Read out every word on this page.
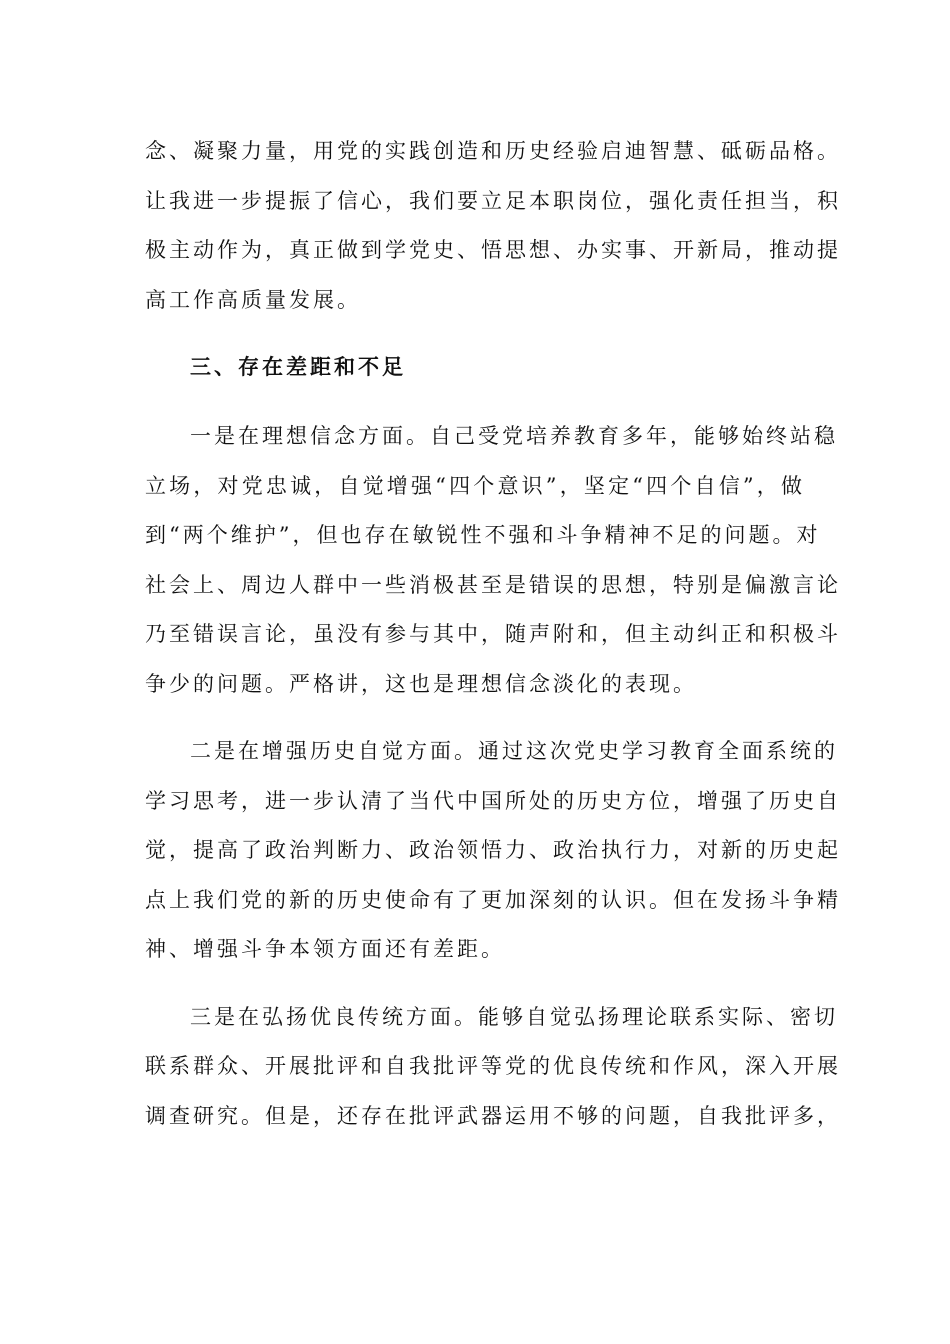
念、凝聚力量，用党的实践创造和历史经验启迪智慧、砥砺品格。
让我进一步提振了信心，我们要立足本职岗位，强化责任担当，积
极主动作为，真正做到学党史、悟思想、办实事、开新局，推动提
高工作高质量发展。
三、存在差距和不足
一是在理想信念方面。自己受党培养教育多年，能够始终站稳
立场，对党忠诚，自觉增强“四个意识”，坚定“四个自信”，做
到“两个维护”，但也存在敏锐性不强和斗争精神不足的问题。对
社会上、周边人群中一些消极甚至是错误的思想，特别是偏激言论
乃至错误言论，虽没有参与其中，随声附和，但主动纠正和积极斗
争少的问题。严格讲，这也是理想信念淡化的表现。
二是在增强历史自觉方面。通过这次党史学习教育全面系统的
学习思考，进一步认清了当代中国所处的历史方位，增强了历史自
觉，提高了政治判断力、政治领悟力、政治执行力，对新的历史起
点上我们党的新的历史使命有了更加深刻的认识。但在发扬斗争精
神、增强斗争本领方面还有差距。
三是在弘扬优良传统方面。能够自觉弘扬理论联系实际、密切
联系群众、开展批评和自我批评等党的优良传统和作风，深入开展
调查研究。但是，还存在批评武器运用不够的问题，自我批评多，
